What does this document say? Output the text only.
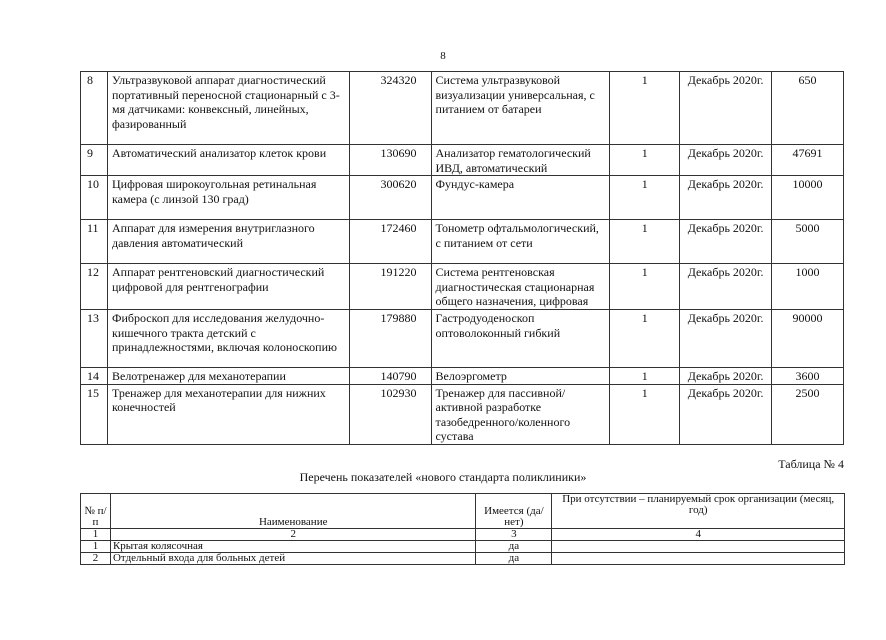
8
8	Ультразвуковой аппарат диагностический портативный переносной стационарный с 3-мя датчиками: конвексный, линейных, фазированный	324320	Система ультразвуковой визуализации универсальная, с питанием от батареи	1	Декабрь 2020г.	650
9	Автоматический анализатор клеток крови	130690	Анализатор гематологический ИВД, автоматический	1	Декабрь 2020г.	47691
10	Цифровая широкоугольная ретинальная камера (с линзой 130 град)	300620	Фундус-камера	1	Декабрь 2020г.	10000
11	Аппарат для измерения внутриглазного давления автоматический	172460	Тонометр офтальмологический, с питанием от сети	1	Декабрь 2020г.	5000
12	Аппарат рентгеновский диагностический цифровой для рентгенографии	191220	Система рентгеновская диагностическая стационарная общего назначения, цифровая	1	Декабрь 2020г.	1000
13	Фиброскоп для исследования желудочно-кишечного тракта детский с принадлежностями, включая колоноскопию	179880	Гастродуоденоскоп оптоволоконный гибкий	1	Декабрь 2020г.	90000
14	Велотренажер для механотерапии	140790	Велоэргометр	1	Декабрь 2020г.	3600
15	Тренажер для механотерапии для нижних конечностей	102930	Тренажер для пассивной/активной разработке тазобедренного/коленного сустава	1	Декабрь 2020г.	2500
Таблица № 4
Перечень показателей «нового стандарта поликлиники»
№ п/п	Наименование	Имеется (да/нет)	При отсутствии – планируемый срок организации (месяц, год)
1	2	3	4
1	Крытая колясочная	да	
2	Отдельный входа для больных детей	да	
